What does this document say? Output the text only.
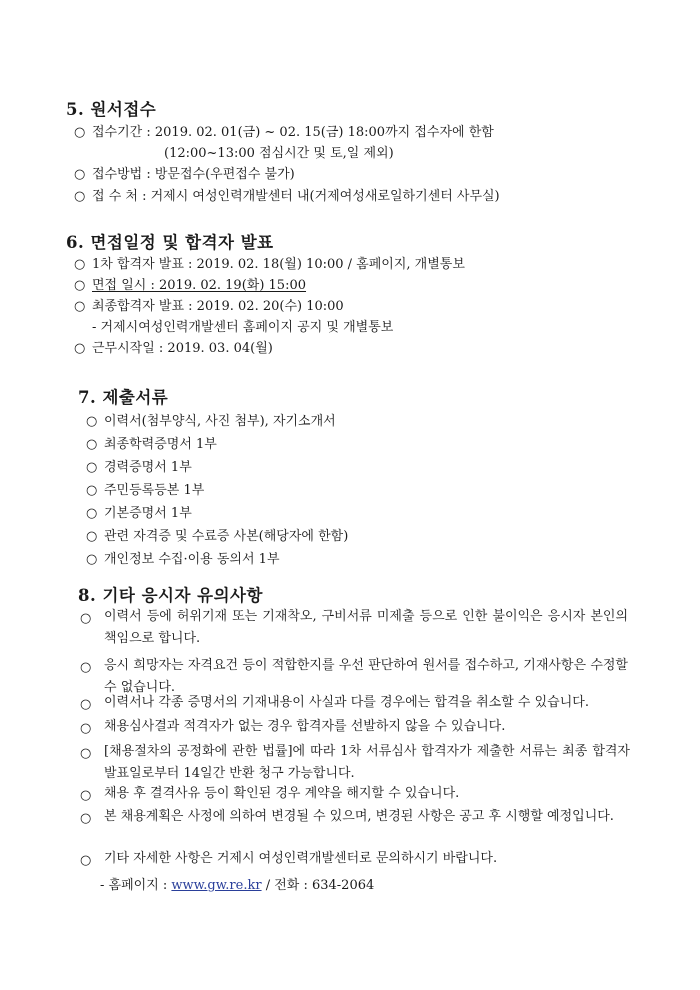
5. 원서접수
○ 접수기간 : 2019. 02. 01(금) ~ 02. 15(금) 18:00까지 접수자에 한함
(12:00~13:00 점심시간 및 토,일 제외)
○ 접수방법 : 방문접수(우편접수 불가)
○ 접 수 처 : 거제시 여성인력개발센터 내(거제여성새로일하기센터 사무실)
6. 면접일정 및 합격자 발표
○ 1차 합격자 발표 : 2019. 02. 18(월) 10:00 / 홈페이지, 개별통보
○ 면접 일시 : 2019. 02. 19(화) 15:00
○ 최종합격자 발표 : 2019. 02. 20(수) 10:00
- 거제시여성인력개발센터 홈페이지 공지 및 개별통보
○ 근무시작일 : 2019. 03. 04(월)
7. 제출서류
○ 이력서(첨부양식, 사진 첨부), 자기소개서
○ 최종학력증명서 1부
○ 경력증명서 1부
○ 주민등록등본 1부
○ 기본증명서 1부
○ 관련 자격증 및 수료증 사본(해당자에 한함)
○ 개인정보 수집·이용 동의서 1부
8. 기타 응시자 유의사항
○ 이력서 등에 허위기재 또는 기재착오, 구비서류 미제출 등으로 인한 불이익은 응시자 본인의 책임으로 합니다.
○ 응시 희망자는 자격요건 등이 적합한지를 우선 판단하여 원서를 접수하고, 기재사항은 수정할 수 없습니다.
○ 이력서나 각종 증명서의 기재내용이 사실과 다를 경우에는 합격을 취소할 수 있습니다.
○ 채용심사결과 적격자가 없는 경우 합격자를 선발하지 않을 수 있습니다.
○ [채용절차의 공정화에 관한 법률]에 따라 1차 서류심사 합격자가 제출한 서류는 최종 합격자 발표일로부터 14일간 반환 청구 가능합니다.
○ 채용 후 결격사유 등이 확인된 경우 계약을 해지할 수 있습니다.
○ 본 채용계획은 사정에 의하여 변경될 수 있으며, 변경된 사항은 공고 후 시행할 예정입니다.
○ 기타 자세한 사항은 거제시 여성인력개발센터로 문의하시기 바랍니다.
- 홈페이지 : www.gw.re.kr / 전화 : 634-2064
